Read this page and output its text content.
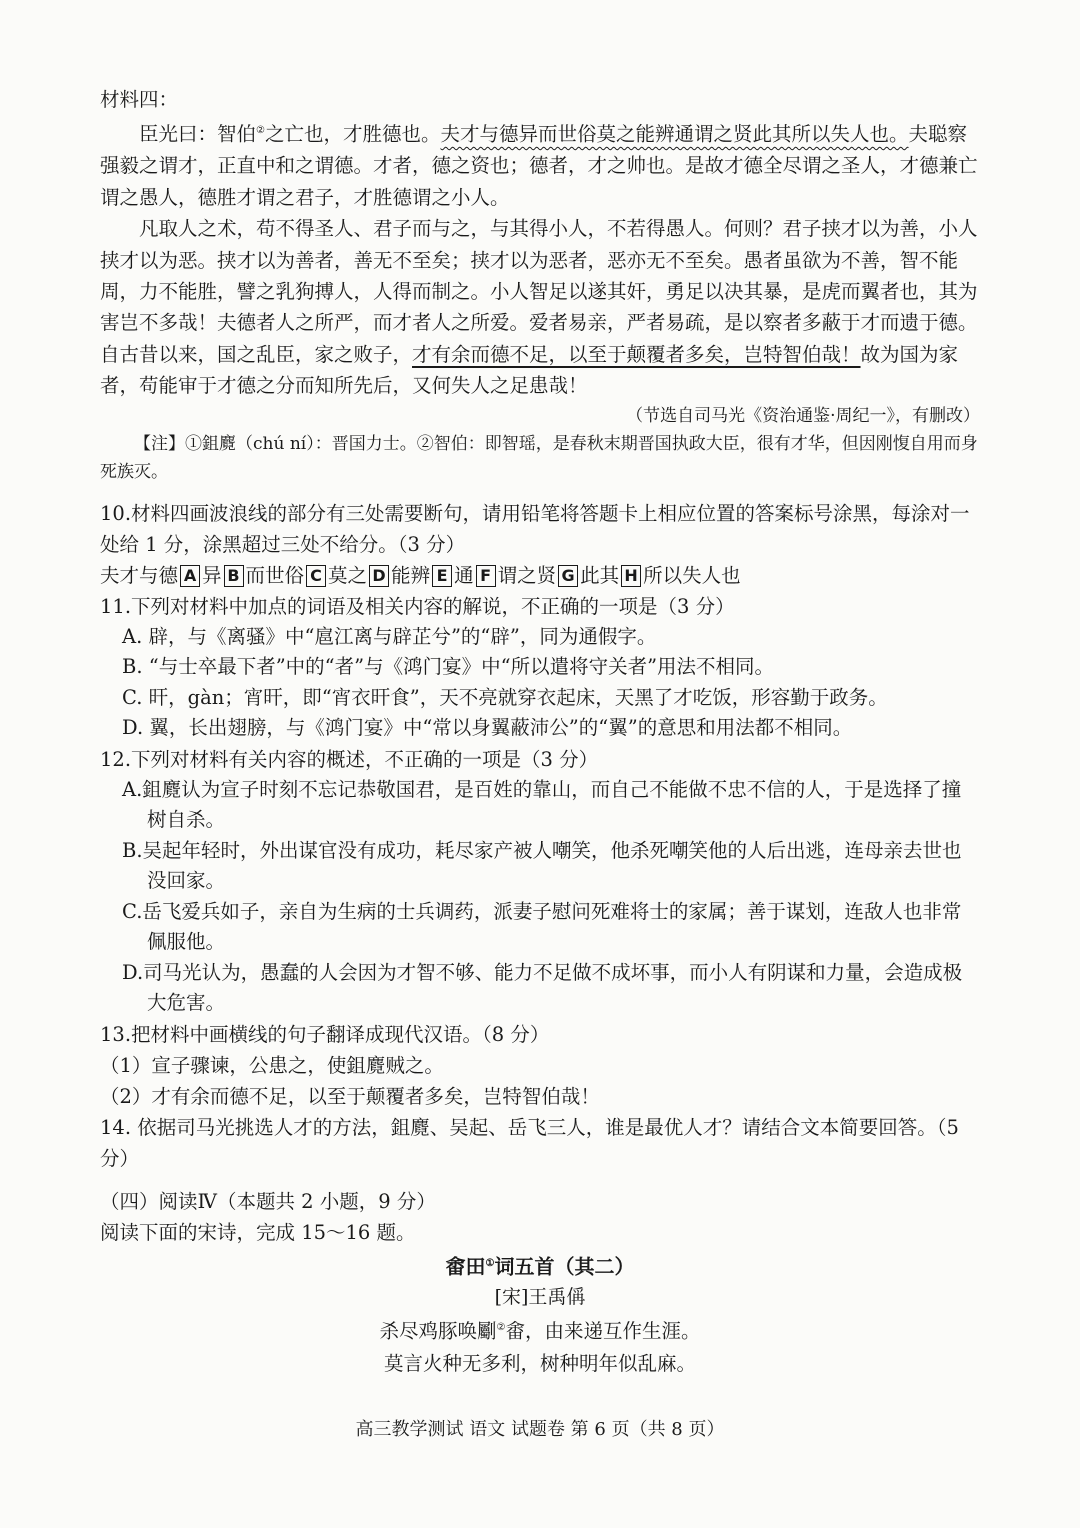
材料四：

臣光曰：智伯②之亡也，才胜德也。夫才与德异而世俗莫之能辨通谓之贤此其所以失人也。夫聪察强毅之谓才，正直中和之谓德。才者，德之资也；德者，才之帅也。是故才德全尽谓之圣人，才德兼亡谓之愚人，德胜才谓之君子，才胜德谓之小人。

凡取人之术，苟不得圣人、君子而与之，与其得小人，不若得愚人。何则？君子挟才以为善，小人挟才以为恶。挟才以为善者，善无不至矣；挟才以为恶者，恶亦无不至矣。愚者虽欲为不善，智不能周，力不能胜，譬之乳狗搏人，人得而制之。小人智足以遂其奸，勇足以决其暴，是虎而翼者也，其为害岂不多哉！夫德者人之所严，而才者人之所爱。爱者易亲，严者易疏，是以察者多蔽于才而遗于德。自古昔以来，国之乱臣，家之败子，才有余而德不足，以至于颠覆者多矣，岂特智伯哉！故为国为家者，苟能审于才德之分而知所先后，又何失人之足患哉！

（节选自司马光《资治通鉴·周纪一》，有删改）

【注】①鉏麑（chú ní）：晋国力士。②智伯：即智瑶，是春秋末期晋国执政大臣，很有才华，但因刚愎自用而身死族灭。

10.材料四画波浪线的部分有三处需要断句，请用铅笔将答题卡上相应位置的答案标号涂黑，每涂对一处给 1 分，涂黑超过三处不给分。（3 分）

夫才与德 A 异 B 而世俗 C 莫之 D 能辨 E 通 F 谓之贤 G 此其 H 所以失人也

11.下列对材料中加点的词语及相关内容的解说，不正确的一项是（3 分）

A. 辟，与《离骚》中“扈江离与辟芷兮”的“辟”，同为通假字。

B. “与士卒最下者”中的“者”与《鸿门宴》中“所以遣将守关者”用法不相同。

C. 旰，gàn；宵旰，即“宵衣旰食”，天不亮就穿衣起床，天黑了才吃饭，形容勤于政务。

D. 翼，长出翅膀，与《鸿门宴》中“常以身翼蔽沛公”的“翼”的意思和用法都不相同。

12.下列对材料有关内容的概述，不正确的一项是（3 分）

A.鉏麑认为宣子时刻不忘记恭敬国君，是百姓的靠山，而自己不能做不忠不信的人，于是选择了撞树自杀。

B.吴起年轻时，外出谋官没有成功，耗尽家产被人嘲笑，他杀死嘲笑他的人后出逃，连母亲去世也没回家。

C.岳飞爱兵如子，亲自为生病的士兵调药，派妻子慰问死难将士的家属；善于谋划，连敌人也非常佩服他。

D.司马光认为，愚蠢的人会因为才智不够、能力不足做不成坏事，而小人有阴谋和力量，会造成极大危害。

13.把材料中画横线的句子翻译成现代汉语。（8 分）

（1）宣子骤谏，公患之，使鉏麑贼之。

（2）才有余而德不足，以至于颠覆者多矣，岂特智伯哉！

14. 依据司马光挑选人才的方法，鉏麑、吴起、岳飞三人，谁是最优人才？请结合文本简要回答。（5 分）

（四）阅读Ⅳ（本题共 2 小题，9 分）

阅读下面的宋诗，完成 15～16 题。

畬田①词五首（其二）

[宋]王禹偁

杀尽鸡豚唤劚②畬，由来递互作生涯。

莫言火种无多利，树种明年似乱麻。

高三教学测试 语文 试题卷 第 6 页（共 8 页）
